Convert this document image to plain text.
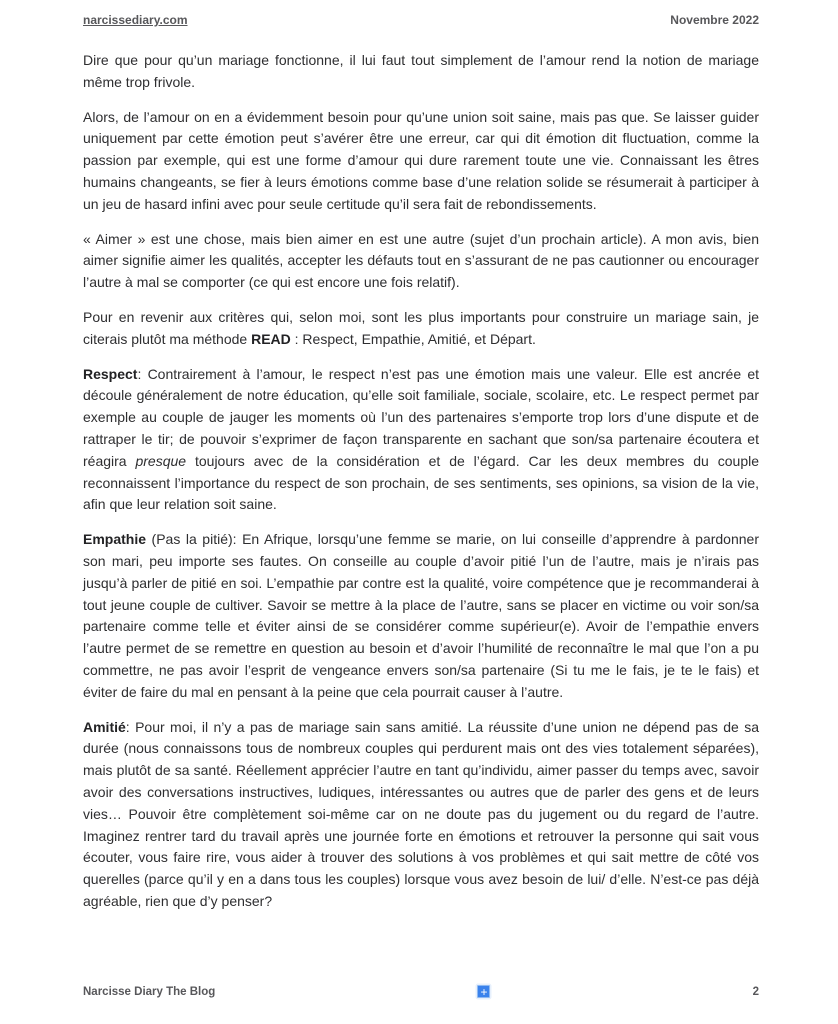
narcissediary.com	Novembre 2022

Dire que pour qu’un mariage fonctionne, il lui faut tout simplement de l’amour rend la notion de mariage même trop frivole.

Alors, de l’amour on en a évidemment besoin pour qu’une union soit saine, mais pas que. Se laisser guider uniquement par cette émotion peut s’avérer être une erreur, car qui dit émotion dit fluctuation, comme la passion par exemple, qui est une forme d’amour qui dure rarement toute une vie. Connaissant les êtres humains changeants, se fier à leurs émotions comme base d’une relation solide se résumerait à participer à un jeu de hasard infini avec pour seule certitude qu’il sera fait de rebondissements.

« Aimer » est une chose, mais bien aimer en est une autre (sujet d’un prochain article). A mon avis, bien aimer signifie aimer les qualités, accepter les défauts tout en s’assurant de ne pas cautionner ou encourager l’autre à mal se comporter (ce qui est encore une fois relatif).

Pour en revenir aux critères qui, selon moi, sont les plus importants pour construire un mariage sain, je citerais plutôt ma méthode READ : Respect, Empathie, Amitié, et Départ.

Respect: Contrairement à l’amour, le respect n’est pas une émotion mais une valeur. Elle est ancrée et découle généralement de notre éducation, qu’elle soit familiale, sociale, scolaire, etc. Le respect permet par exemple au couple de jauger les moments où l’un des partenaires s’emporte trop lors d’une dispute et de rattraper le tir; de pouvoir s’exprimer de façon transparente en sachant que son/sa partenaire écoutera et réagira presque toujours avec de la considération et de l’égard. Car les deux membres du couple reconnaissent l’importance du respect de son prochain, de ses sentiments, ses opinions, sa vision de la vie, afin que leur relation soit saine.

Empathie (Pas la pitié): En Afrique, lorsqu’une femme se marie, on lui conseille d’apprendre à pardonner son mari, peu importe ses fautes. On conseille au couple d’avoir pitié l’un de l’autre, mais je n’irais pas jusqu’à parler de pitié en soi. L’empathie par contre est la qualité, voire compétence que je recommanderai à tout jeune couple de cultiver. Savoir se mettre à la place de l’autre, sans se placer en victime ou voir son/sa partenaire comme telle et éviter ainsi de se considérer comme supérieur(e). Avoir de l’empathie envers l’autre permet de se remettre en question au besoin et d’avoir l’humilité de reconnaître le mal que l’on a pu commettre, ne pas avoir l’esprit de vengeance envers son/sa partenaire (Si tu me le fais, je te le fais) et éviter de faire du mal en pensant à la peine que cela pourrait causer à l’autre.

Amitié: Pour moi, il n’y a pas de mariage sain sans amitié. La réussite d’une union ne dépend pas de sa durée (nous connaissons tous de nombreux couples qui perdurent mais ont des vies totalement séparées), mais plutôt de sa santé. Réellement apprécier l’autre en tant qu’individu, aimer passer du temps avec, savoir avoir des conversations instructives, ludiques, intéressantes ou autres que de parler des gens et de leurs vies… Pouvoir être complètement soi-même car on ne doute pas du jugement ou du regard de l’autre. Imaginez rentrer tard du travail après une journée forte en émotions et retrouver la personne qui sait vous écouter, vous faire rire, vous aider à trouver des solutions à vos problèmes et qui sait mettre de côté vos querelles (parce qu’il y en a dans tous les couples) lorsque vous avez besoin de lui/ d’elle. N’est-ce pas déjà agréable, rien que d’y penser?

Narcisse Diary The Blog	+	2
